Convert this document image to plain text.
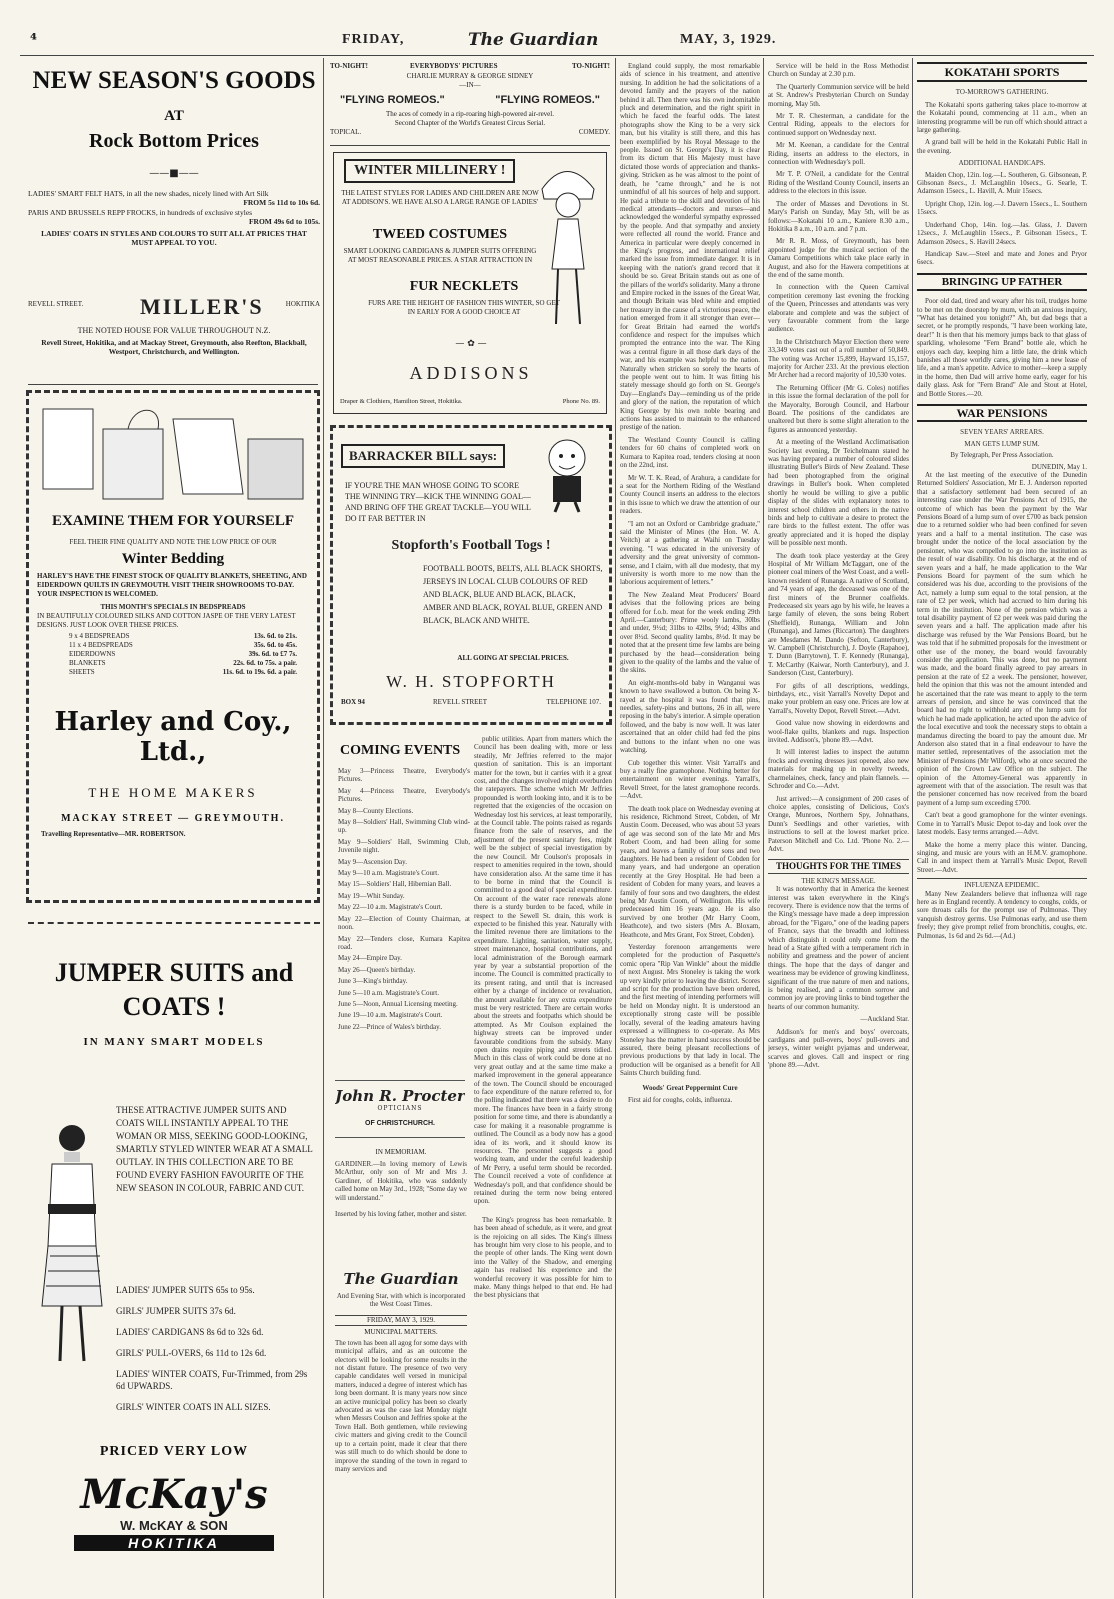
⁴	FRIDAY,	The Guardian	MAY, 3, 1929.
NEW SEASON'S GOODS
AT
Rock Bottom Prices
——■——
LADIES' SMART FELT HATS, in all the new shades, nicely lined with Art Silk
FROM 5s 11d to 10s 6d.
PARIS AND BRUSSELS REPP FROCKS, in hundreds of exclusive styles
FROM 49s 6d to 105s.
LADIES' COATS IN STYLES AND COLOURS TO SUIT ALL AT PRICES THAT MUST APPEAL TO YOU.
REVELL STREET.	MILLER'S	HOKITIKA
THE NOTED HOUSE FOR VALUE THROUGHOUT N.Z.
Revell Street, Hokitika, and at Mackay Street, Greymouth, also Reefton, Blackball, Westport, Christchurch, and Wellington.
EXAMINE THEM FOR YOURSELF
FEEL THEIR FINE QUALITY AND NOTE THE LOW PRICE OF OUR
Winter Bedding
HARLEY'S HAVE THE FINEST STOCK OF QUALITY BLANKETS, SHEETING, AND EIDERDOWN QUILTS IN GREYMOUTH. VISIT THEIR SHOWROOMS TO-DAY. YOUR INSPECTION IS WELCOMED.
THIS MONTH'S SPECIALS IN BEDSPREADS
IN BEAUTIFULLY COLOURED SILKS AND COTTON JASPE OF THE VERY LATEST DESIGNS. JUST LOOK OVER THESE PRICES.
9 x 4 BEDSPREADS	13s. 6d. to 21s.
11 x 4 BEDSPREADS	35s. 6d. to 45s.
EIDERDOWNS	39s. 6d. to £7 7s.
BLANKETS	22s. 6d. to 75s. a pair.
SHEETS	11s. 6d. to 19s. 6d. a pair.
Harley and Coy., Ltd.,
THE HOME MAKERS
MACKAY STREET — GREYMOUTH.
Travelling Representative—MR. ROBERTSON.
JUMPER SUITS and
COATS !
IN MANY SMART MODELS
THESE ATTRACTIVE JUMPER SUITS AND COATS WILL INSTANTLY APPEAL TO THE WOMAN OR MISS, SEEKING GOOD-LOOKING, SMARTLY STYLED WINTER WEAR AT A SMALL OUTLAY. IN THIS COLLECTION ARE TO BE FOUND EVERY FASHION FAVOURITE OF THE NEW SEASON IN COLOUR, FABRIC AND CUT.
LADIES' JUMPER SUITS 65s to 95s.
GIRLS' JUMPER SUITS 37s 6d.
LADIES' CARDIGANS 8s 6d to 32s 6d.
GIRLS' PULL-OVERS, 6s 11d to 12s 6d.
LADIES' WINTER COATS, Fur-Trimmed, from 29s 6d UPWARDS.
GIRLS' WINTER COATS IN ALL SIZES.
PRICED VERY LOW
McKay's
W. McKAY & SON
HOKITIKA
TO-NIGHT!	EVERYBODYS' PICTURES	TO-NIGHT!
CHARLIE MURRAY & GEORGE SIDNEY
—IN—
"FLYING ROMEOS."	"FLYING ROMEOS."
The aces of comedy in a rip-roaring high-powered air-revel.
Second Chapter of the World's Greatest Circus Serial.
TOPICAL.	COMEDY.
WINTER MILLINERY !
THE LATEST STYLES FOR LADIES AND CHILDREN ARE NOW AT ADDISON'S. WE HAVE ALSO A LARGE RANGE OF LADIES'
TWEED COSTUMES
SMART LOOKING CARDIGANS & JUMPER SUITS OFFERING AT MOST REASONABLE PRICES. A STAR ATTRACTION IN
FUR NECKLETS
FURS ARE THE HEIGHT OF FASHION THIS WINTER, SO GET IN EARLY FOR A GOOD CHOICE AT
— ✿ —
ADDISONS
Draper & Clothiers, Hamilton Street, Hokitika.	Phone No. 89.
BARRACKER BILL says:
IF YOU'RE THE MAN WHOSE GOING TO SCORE THE WINNING TRY—KICK THE WINNING GOAL—AND BRING OFF THE GREAT TACKLE—YOU WILL DO IT FAR BETTER IN
Stopforth's Football Togs !
FOOTBALL BOOTS, BELTS, ALL BLACK SHORTS, JERSEYS IN LOCAL CLUB COLOURS OF RED AND BLACK, BLUE AND BLACK, BLACK, AMBER AND BLACK, ROYAL BLUE, GREEN AND BLACK, BLACK AND WHITE.
ALL GOING AT SPECIAL PRICES.
W. H. STOPFORTH
BOX 94	REVELL STREET	TELEPHONE 107.
COMING EVENTS

May 3—Princess Theatre, Everybody's Pictures.

May 4—Princess Theatre, Everybody's Pictures.

May 8—County Elections.

May 8—Soldiers' Hall, Swimming Club wind-up.

May 9—Soldiers' Hall, Swimming Club, Juvenile night.

May 9—Ascension Day.

May 9—10 a.m. Magistrate's Court.

May 15—Soldiers' Hall, Hibernian Ball.

May 19—Whit Sunday.

May 22—10 a.m. Magistrate's Court.

May 22—Election of County Chairman, at noon.

May 22—Tenders close, Kumara Kapitea road.

May 24—Empire Day.

May 26—Queen's birthday.

June 3—King's birthday.

June 5—10 a.m. Magistrate's Court.

June 5—Noon, Annual Licensing meeting.

June 19—10 a.m. Magistrate's Court.

June 22—Prince of Wales's birthday.

John R. Procter
OPTICIANS
OF CHRISTCHURCH.
IN MEMORIAM.
GARDINER.—In loving memory of Lewis McArthur, only son of Mr and Mrs J. Gardiner, of Hokitika, who was suddenly called home on May 3rd., 1928; "Some day we will understand."
Inserted by his loving father, mother and sister.
The Guardian
And Evening Star, with which is incorporated the West Coast Times.
FRIDAY, MAY 3, 1929.
MUNICIPAL MATTERS.
The town has been all agog for some days with municipal affairs, and as an outcome the electors will be looking for some results in the not distant future. The presence of two very capable candidates well versed in municipal matters, induced a degree of interest which has long been dormant. It is many years now since an active municipal policy has been so clearly advocated as was the case last Monday night when Messrs Coulson and Jeffries spoke at the Town Hall. Both gentlemen, while reviewing civic matters and giving credit to the Council up to a certain point, made it clear that there was still much to do which should be done to improve the standing of the town in regard to many services and

public utilities. Apart from matters which the Council has been dealing with, more or less steadily, Mr Jeffries referred to the major question of sanitation. This is an important matter for the town, but it carries with it a great cost, and the changes involved might overburden the ratepayers. The scheme which Mr Jeffries propounded is worth looking into, and it is to be regretted that the exigencies of the occasion on Wednesday lost his services, at least temporarily, at the Council table. The points raised as regards finance from the sale of reserves, and the adjustment of the present sanitary fees, might well be the subject of special investigation by the new Council. Mr Coulson's proposals in respect to amenities required in the town, should have consideration also. At the same time it has to be borne in mind that the Council is committed to a good deal of special expenditure. On account of the water race renewals alone there is a sturdy burden to be faced, while in respect to the Sewell St. drain, this work is expected to be finished this year. Naturally with the limited revenue there are limitations to the expenditure. Lighting, sanitation, water supply, street maintenance, hospital contributions, and local administration of the Borough earmark year by year a substantial proportion of the income. The Council is committed practically to its present rating, and until that is increased either by a change of incidence or revaluation, the amount available for any extra expenditure must be very restricted. There are certain works about the streets and footpaths which should be attempted. As Mr Coulson explained the highway streets can be improved under favourable conditions from the subsidy. Many open drains require piping and streets tidied. Much in this class of work could be done at no very great outlay and at the same time make a marked improvement in the general appearance of the town. The Council should be encouraged to face expenditure of the nature referred to, for the polling indicated that there was a desire to do more. The finances have been in a fairly strong position for some time, and there is abundantly a case for making it a reasonable programme is outlined. The Council as a body now has a good idea of its work, and it should know its resources. The personnel suggests a good working team, and under the cereful leadership of Mr Perry, a useful term should be recorded. The Council received a vote of confidence at Wednesday's poll, and that confidence should be retained during the term now being entered upon.

The King's progress has been remarkable. It has been ahead of schedule, as it were, and great is the rejoicing on all sides. The King's illness has brought him very close to his people, and to the people of other lands. The King went down into the Valley of the Shadow, and emerging again has realised his experience and the wonderful recovery it was possible for him to make. Many things helped to that end. He had the best physicians that

England could supply, the most remarkable aids of science in his treatment, and attentive nursing. In addition he had the solicitations of a devoted family and the prayers of the nation behind it all. Then there was his own indomitable pluck and determination, and the right spirit in which he faced the fearful odds. The latest photographs show the King to be a very sick man, but his vitality is still there, and this has been exemplified by his Royal Message to the people. Issued on St. George's Day, it is clear from its dictum that His Majesty must have dictated those words of appreciation and thanks-giving. Stricken as he was almost to the point of death, he "came through," and he is not unmindful of all his sources of help and support. He paid a tribute to the skill and devotion of his medical attendants—doctors and nurses—and acknowledged the wonderful sympathy expressed by the people. And that sympathy and anxiety were reflected all round the world. France and America in particular were deeply concerned in the King's progress, and international relief marked the issue from immediate danger. It is in keeping with the nation's grand record that it should be so. Great Britain stands out as one of the pillars of the world's solidarity. Many a throne and Empire rocked in the issues of the Great War, and though Britain was bled white and emptied her treasury in the cause of a victorious peace, the nation emerged from it all stronger than ever—for Great Britain had earned the world's confidence and respect for the impulses which prompted the entrance into the war. The King was a central figure in all those dark days of the war, and his example was helpful to the nation. Naturally when stricken so sorely the hearts of the people went out to him. It was fitting his stately message should go forth on St. George's Day—England's Day—reminding us of the pride and glory of the nation, the reputation of which King George by his own noble bearing and actions has assisted to maintain to the enhanced prestige of the nation.

The Westland County Council is calling tenders for 60 chains of completed work on Kumara to Kapitea road, tenders closing at noon on the 22nd, inst.

Mr W. T. K. Read, of Arahura, a candidate for a seat for the Northern Riding of the Westland County Council inserts an address to the electors in this issue to which we draw the attention of our readers.

"I am not an Oxford or Cambridge graduate," said the Minister of Mines (the Hon. W. A. Veitch) at a gathering at Waihi on Tuesday evening. "I was educated in the university of adversity and the great university of common-sense, and I claim, with all due modesty, that my university is worth more to me now than the laborious acquirement of letters."

The New Zealand Meat Producers' Board advises that the following prices are being offered for f.o.b. meat for the week ending 29th April.—Canterbury: Prime wooly lambs, 30lbs and under, 9½d; 31lbs to 42lbs, 9½d; 43lbs and over 8½d. Second quality lambs, 8½d. It may be noted that at the present time few lambs are being purchased by the head—consideration being given to the quality of the lambs and the value of the skins.

An eight-months-old baby in Wanganui was known to have swallowed a button. On being X-rayed at the hospital it was found that pins, needles, safety-pins and buttons, 26 in all, were reposing in the baby's interior. A simple operation followed, and the baby is now well. It was later ascertained that an older child had fed the pins and buttons to the infant when no one was watching.

Cub together this winter. Visit Yarrall's and buy a really fine gramophone. Nothing better for entertainment on winter evenings. Yarrall's, Revell Street, for the latest gramophone records.—Advt.

The death took place on Wednesday evening at his residence, Richmond Street, Cobden, of Mr Austin Coom. Deceased, who was about 53 years of age was second son of the late Mr and Mrs Robert Coom, and had been ailing for some years, and leaves a family of four sons and two daughters. He had been a resident of Cobden for many years, and had undergone an operation recently at the Grey Hospital. He had been a resident of Cobden for many years, and leaves a family of four sons and two daughters, the eldest being Mr Austin Coom, of Wellington. His wife predeceased him 16 years ago. He is also survived by one brother (Mr Harry Coom, Heathcote), and two sisters (Mrs A. Bloxam, Heathcote, and Mrs Grant, Fox Street, Cobden).

Yesterday forenoon arrangements were completed for the production of Pasquette's comic opera "Rip Van Winkle" about the middle of next August. Mrs Stoneley is taking the work up very kindly prior to leaving the district. Scores and script for the production have been ordered, and the first meeting of intending performers will be held on Monday night. It is understood an exceptionally strong caste will be possible locally, several of the leading amateurs having expressed a willingness to co-operate. As Mrs Stoneley has the matter in hand success should be assured, there being pleasant recollections of previous productions by that lady in local. The production will be organised as a benefit for All Saints Church building fund.

Woods' Great Peppermint Cure

First aid for coughs, colds, influenza.

Service will be held in the Ross Methodist Church on Sunday at 2.30 p.m.

The Quarterly Communion service will be held at St. Andrew's Presbyterian Church on Sunday morning, May 5th.

Mr T. R. Chesterman, a candidate for the Central Riding, appeals to the electors for continued support on Wednesday next.

Mr M. Keenan, a candidate for the Central Riding, inserts an address to the electors, in connection with Wednesday's poll.

Mr T. P. O'Neil, a candidate for the Central Riding of the Westland County Council, inserts an address to the electors in this issue.

The order of Masses and Devotions in St. Mary's Parish on Sunday, May 5th, will be as follows:—Kokatahi 10 a.m., Kaniere 8.30 a.m., Hokitika 8 a.m., 10 a.m. and 7 p.m.

Mr R. R. Moss, of Greymouth, has been appointed judge for the musical section of the Oamaru Competitions which take place early in August, and also for the Hawera competitions at the end of the same month.

In connection with the Queen Carnival competition ceremony last evening the frocking of the Queen, Princesses and attendants was very elaborate and complete and was the subject of very favourable comment from the large audience.

In the Christchurch Mayor Election there were 33,349 votes cast out of a roll number of 50,849. The voting was Archer 15,899, Hayward 15,157, majority for Archer 233. At the previous election Mr Archer had a record majority of 10,530 votes.

The Returning Officer (Mr G. Coles) notifies in this issue the formal declaration of the poll for the Mayoralty, Borough Council, and Harbour Board. The positions of the candidates are unaltered but there is some slight alteration to the figures as announced yesterday.

At a meeting of the Westland Acclimatisation Society last evening, Dr Teichelmann stated he was having prepared a number of coloured slides illustrating Buller's Birds of New Zealand. These had been photographed from the original drawings in Buller's book. When completed shortly he would be willing to give a public display of the slides with explanatory notes to interest school children and others in the native birds and help to cultivate a desire to protect the rare birds to the fullest extent. The offer was greatly appreciated and it is hoped the display will be possible next month.

The death took place yesterday at the Grey Hospital of Mr William McTaggart, one of the pioneer coal miners of the West Coast, and a well-known resident of Runanga. A native of Scotland, and 74 years of age, the deceased was one of the first miners of the Brunner coalfields. Predeceased six years ago by his wife, he leaves a large family of eleven, the sons being Robert (Sheffield), Runanga, William and John (Runanga), and James (Riccarton). The daughters are Mesdames M. Dando (Sefton, Canterbury), W. Campbell (Christchurch), J. Doyle (Rapahoe), T. Dunn (Barrytown), T. F. Kennedy (Runanga), T. McCarthy (Kaiwar, North Canterbury), and J. Sanderson (Cust, Canterbury).

For gifts of all descriptions, weddings, birthdays, etc., visit Yarrall's Novelty Depot and make your problem an easy one. Prices are low at Yarrall's, Novelty Depot, Revell Street.—Advt.

Good value now showing in eiderdowns and wool-flake quilts, blankets and rugs. Inspection invited. Addison's, 'phone 89.—Advt.

It will interest ladies to inspect the autumn frocks and evening dresses just opened, also new materials for making up in novelty tweeds, charmelaines, check, fancy and plain flannels. —Schroder and Co.—Advt.

Just arrived:—A consignment of 200 cases of choice apples, consisting of Delicious, Cox's Orange, Munroes, Northern Spy, Johnathans, Dunn's Seedlings and other varieties, with instructions to sell at the lowest market price. Paterson Mitchell and Co. Ltd. 'Phone No. 2.—Advt.

THOUGHTS FOR THE TIMES
THE KING'S MESSAGE.

It was noteworthy that in America the keenest interest was taken everywhere in the King's recovery. There is evidence now that the terms of the King's message have made a deep impression abroad, for the "Figaro," one of the leading papers of France, says that the breadth and loftiness which distinguish it could only come from the head of a State gifted with a temperament rich in nobility and greatness and the power of ancient things. The hope that the days of danger and weariness may be evidence of growing kindliness, significant of the true nature of men and nations, is being realised, and a common sorrow and common joy are proving links to bind together the hearts of our common humanity.

—Auckland Star.

Addison's for men's and boys' overcoats, cardigans and pull-overs, boys' pull-overs and jerseys, winter weight pyjamas and underwear, scarves and gloves. Call and inspect or ring 'phone 89.—Advt.

KOKATAHI SPORTS
TO-MORROW'S GATHERING.

The Kokatahi sports gathering takes place to-morrow at the Kokatahi pound, commencing at 11 a.m., when an interesting programme will be run off which should attract a large gathering.

A grand ball will be held in the Kokatahi Public Hall in the evening.

ADDITIONAL HANDICAPS.

Maiden Chop, 12in. log.—L. Southeren, G. Gibsonean, P. Gibsonan 8secs., J. McLaughlin 10secs., G. Searle, T. Adamson 15secs., L. Havill, A. Muir 15secs.

Upright Chop, 12in. log.—J. Davern 15secs., L. Southern 15secs.

Underhand Chop, 14in. log.—Jas. Glass, J. Davern 12secs., J. McLaughlin 15secs., P. Gibsonan 15secs., T. Adamson 20secs., S. Havill 24secs.

Handicap Saw.—Steel and mate and Jones and Pryor 6secs.

BRINGING UP FATHER

Poor old dad, tired and weary after his toil, trudges home to be met on the doorstep by mum, with an anxious inquiry, "What has detained you tonight?" Ah, but dad begs that a secret, or he promptly responds, "I have been working late, dear!" It is then that his memory jumps back to that glass of sparkling, wholesome "Fern Brand" bottle ale, which he enjoys each day, keeping him a little late, the drink which banishes all those worldly cares, giving him a new lease of life, and a man's appetite. Advice to mother—keep a supply in the home, then Dad will arrive home early, eager for his daily glass. Ask for "Fern Brand" Ale and Stout at Hotel, and Bottle Stores.—20.

WAR PENSIONS
SEVEN YEARS' ARREARS.
MAN GETS LUMP SUM.
By Telegraph, Per Press Association.
DUNEDIN, May 1.

At the last meeting of the executive of the Dunedin Returned Soldiers' Association, Mr E. J. Anderson reported that a satisfactory settlement had been secured of an interesting case under the War Pensions Act of 1915, the outcome of which has been the payment by the War Pensions Board of a lump sum of over £700 as back pension due to a returned soldier who had been confined for seven years and a half to a mental institution. The case was brought under the notice of the local association by the pensioner, who was compelled to go into the institution as the result of war disability. On his discharge, at the end of seven years and a half, he made application to the War Pensions Board for payment of the sum which he considered was his due, according to the provisions of the Act, namely a lump sum equal to the total pension, at the rate of £2 per week, which had accrued to him during his term in the institution. None of the pension which was a total disability payment of £2 per week was paid during the seven years and a half. The application made after his discharge was refused by the War Pensions Board, but he was told that if he submitted proposals for the investment or other use of the money, the board would favourably consider the application. This was done, but no payment was made, and the board finally agreed to pay arrears in pension at the rate of £2 a week. The pensioner, however, held the opinion that this was not the amount intended and he ascertained that the rate was meant to apply to the term arrears of pension, and since he was convinced that the board had no right to withhold any of the lump sum for which he had made application, he acted upon the advice of the local executive and took the necessary steps to obtain a mandamus directing the board to pay the amount due. Mr Anderson also stated that in a final endeavour to have the matter settled, representatives of the association met the Minister of Pensions (Mr Wilford), who at once secured the opinion of the Crown Law Office on the subject. The opinion of the Attorney-General was apparently in agreement with that of the association. The result was that the pensioner concerned has now received from the board payment of a lump sum exceeding £700.

Can't beat a good gramophone for the winter evenings. Come in to Yarrall's Music Depot to-day and look over the latest models. Easy terms arranged.—Advt.

Make the home a merry place this winter. Dancing, singing, and music are yours with an H.M.V. gramophone. Call in and inspect them at Yarrall's Music Depot, Revell Street.—Advt.

INFLUENZA EPIDEMIC.

Many New Zealanders believe that influenza will rage here as in England recently. A tendency to coughs, colds, or sore throats calls for the prompt use of Pulmonas. They vanquish destroy germs. Use Pulmonas early, and use them freely; they give prompt relief from bronchitis, coughs, etc. Pulmonas, 1s 6d and 2s 6d.—(Ad.)
